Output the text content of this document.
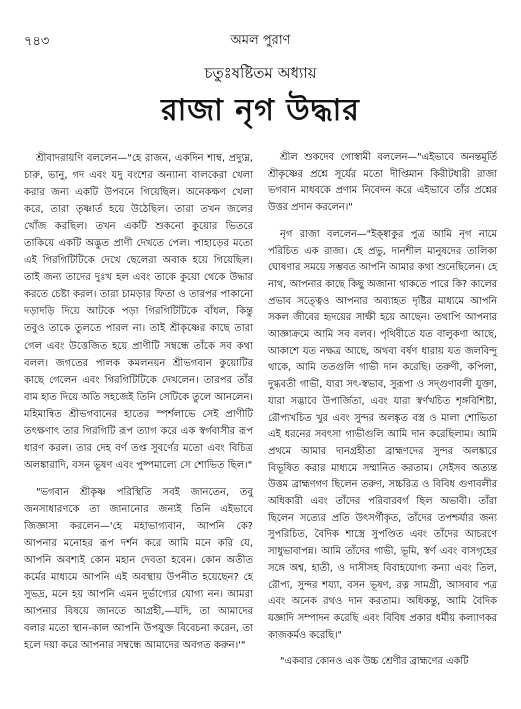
৭৪৩	অমল পুরাণ
চতুঃষষ্টিতম অধ্যায়
রাজা নৃগ উদ্ধার

শ্রীবাদরায়ণি বললেন—"হে রাজন, একদিন শাম্ব, প্রদ্যুম্ন, চারু, ভানু, গদ এবং যদু বংশের অন্যান্য বালকেরা খেলা করার জন্য একটি উপবনে গিয়েছিল। অনেকক্ষণ খেলা করে, তারা তৃষ্ণার্ত হয়ে উঠেছিল। তারা তখন জলের খোঁজ করছিল। তখন একটি শুকনো কুয়োর ভিতরে তাকিয়ে একটি অদ্ভুত প্রাণী দেখতে পেল। পাহাড়ের মতো এই গিরগিটিটিকে দেখে ছেলেরা অবাক হয়ে গিয়েছিল। তাই জন্য তাদের দুঃখ হল এবং তাকে কুয়ো থেকে উদ্ধার করতে চেষ্টা করল। তারা চামড়ার ফিতা ও তারপর পাকানো দড়াদড়ি দিয়ে আটকে পড়া গিরগিটিটিকে বাঁধল, কিন্তু তবুও তাকে তুলতে পারল না। তাই শ্রীকৃষ্ণের কাছে তারা গেল এবং উত্তেজিত হয়ে প্রাণীটি সম্বন্ধে তাঁকে সব কথা বলল। জগতের পালক কমলনয়ন শ্রীভগবান কুয়োটির কাছে গেলেন এবং গিরগিটিটিকে দেখলেন। তারপর তাঁর বাম হাত দিয়ে অতি সহজেই তিনি সেটিকে তুলে আনলেন। মহিমান্বিত শ্রীভগবানের হাতের স্পর্শলাভে সেই প্রাণীটি তৎক্ষণাৎ তার গিরগিটি রূপ ত্যাগ করে এক স্বর্গবাসীর রূপ ধারণ করল। তার দেহ বর্ণ তপ্ত সুবর্ণের মতো এবং বিচিত্র অলঙ্কারাদি, বসন ভূষণ এবং পুষ্পমাল্যে সে শোভিত ছিল।"

"ভগবান শ্রীকৃষ্ণ পরিস্থিতি সবই জানতেন, তবু জনসাধারণকে তা জানানোর জন্যই তিনি এইভাবে জিজ্ঞাসা করলেন—'হে মহাভাগ্যবান, আপনি কে? আপনার মনোহর রূপ দর্শন করে আমি মনে করি যে, আপনি অবশ্যই কোন মহান দেবতা হবেন। কোন অতীত কর্মের মাধ্যমে আপনি এই অবস্থায় উপনীত হয়েছেন? হে সুভদ্র, মনে হয় আপনি এমন দুর্ভাগ্যের যোগ্য নন। আমরা আপনার বিষয়ে জানতে আগ্রহী,—যদি, তা আমাদের বলার মতো স্থান-কাল আপনি উপযুক্ত বিবেচনা করেন, তা হলে দয়া করে আপনার সম্বন্ধে আমাদের অবগত করুন।'"

শ্রীল শুকদেব গোস্বামী বললেন—"এইভাবে অনন্তমূর্তি শ্রীকৃষ্ণের প্রশ্নে সূর্যের মতো দীপ্তিমান কিরীটধারী রাজা ভগবান মাধবকে প্রণাম নিবেদন করে এইভাবে তাঁর প্রশ্নের উত্তর প্রদান করলেন।"

নৃগ রাজা বললেন—"ইক্ষ্বাকুর পুত্র আমি নৃগ নামে পরিচিত এক রাজা। হে প্রভু, দানশীল মানুষদের তালিকা ঘোষণার সময়ে সম্ভবত আপনি আমার কথা শুনেছিলেন। হে নাথ, আপনার কাছে কিছু অজানা থাকতে পারে কি? কালের প্রভাব সত্ত্বেও আপনার অব্যাহত দৃষ্টির মাধ্যমে আপনি সকল জীবের হৃদয়ের সাক্ষী হয়ে আছেন। তথাপি আপনার আজ্ঞাক্রমে আমি সব বলব। পৃথিবীতে যত বালুকণা আছে, আকাশে যত নক্ষত্র আছে, অথবা বর্ষণ ধারায় যত জলবিন্দু থাকে, আমি ততগুলি গাভী দান করেছি। তরুণী, কপিলা, দুগ্ধবতী গাভী, যারা সৎ-স্বভাব, সুরূপা ও সদ্গুণাবলী যুক্তা, যারা সদ্ভাবে উপার্জিতা, এবং যারা স্বর্ণখচিত শৃঙ্গবিশিষ্টা, রৌপ্যখচিত খুর এবং সুন্দর অলঙ্কৃত বস্ত্র ও মালা শোভিতা এই ধরনের সবৎসা গাভীগুলি আমি দান করেছিলাম। আমি প্রথমে আমার দানগ্রহীতা ব্রাহ্মণদের সুন্দর অলঙ্কারে বিভূষিত করার মাধ্যমে সম্মানিত করতাম। সেইসব অত্যন্ত উত্তম ব্রাহ্মণগণ ছিলেন তরুণ, সচ্চরিত্র ও বিবিধ গুণাবলীর অধিকারী এবং তাঁদের পরিবারবর্গ ছিল অভাবী। তাঁরা ছিলেন সত্যের প্রতি উৎসর্গীকৃত, তাঁদের তপশ্চর্যার জন্য সুপরিচিত, বৈদিক শাস্ত্রে সুপণ্ডিত এবং তাঁদের আচরণে সাধুভাবাপন্ন। আমি তাঁদের গাভী, ভূমি, স্বর্ণ এবং বাসগৃহের সঙ্গে অশ্ব, হাতী, ও দাসীসহ বিবাহযোগ্য কন্যা এবং তিল, রৌপ্য, সুন্দর শয্যা, বসন ভূষণ, রত্ন সামগ্রী, আসবাব পত্র এবং অনেক রথও দান করতাম। অধিকন্তু, আমি বৈদিক যজ্ঞাদি সম্পাদন করেছি এবং বিবিধ প্রকার ধর্মীয় কল্যাণকর কাজকর্মও করেছি।"

"একবার কোনও এক উচ্চ শ্রেণীর ব্রাহ্মণের একটি
